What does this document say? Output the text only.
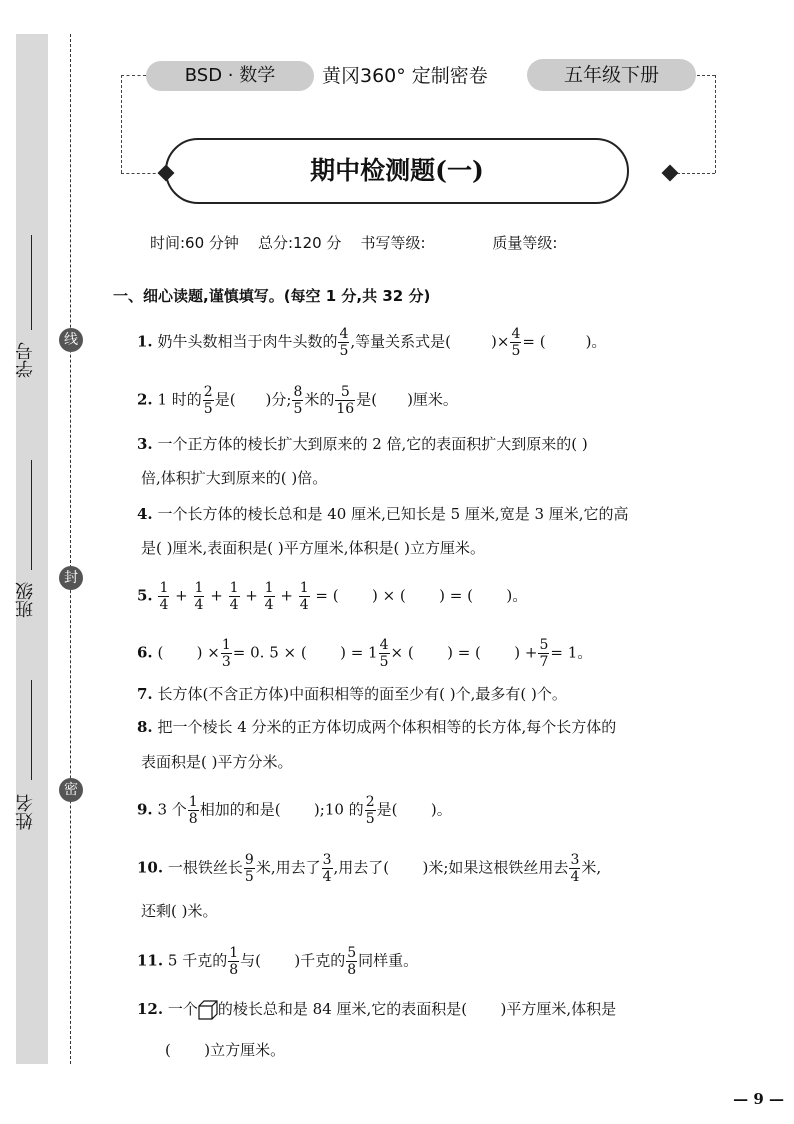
学号
班级
姓名
线
封
密
BSD · 数学	黄冈360° 定制密卷	五年级下册
期中检测题(一)
时间:60 分钟    总分:120 分    书写等级:              质量等级:
一、细心读题,谨慎填写。(每空 1 分,共 32 分)
1. 奶牛头数相当于肉牛头数的 $\frac{4}{5}$ ,等量关系式是(	)× $\frac{4}{5}$ = (	)。
2. 1 时的 $\frac{2}{5}$ 是( )分; $\frac{8}{5}$ 米的 $\frac{5}{16}$ 是( )厘米。
3. 一个正方体的棱长扩大到原来的 2 倍,它的表面积扩大到原来的( )
倍,体积扩大到原来的( )倍。
4. 一个长方体的棱长总和是 40 厘米,已知长是 5 厘米,宽是 3 厘米,它的高
是( )厘米,表面积是( )平方厘米,体积是( )立方厘米。
5. $\frac{1}{4} + \frac{1}{4} + \frac{1}{4} + \frac{1}{4} + \frac{1}{4}$ = (       ) × (       ) = (       )。
6. (       ) × $\frac{1}{3} = 0$. 5 × (       ) = $1 \frac{4}{5}$ × (       ) = (       ) + $\frac{5}{7} = 1$。
7. 长方体(不含正方体)中面积相等的面至少有( )个,最多有( )个。
8. 把一个棱长 4 分米的正方体切成两个体积相等的长方体,每个长方体的
表面积是( )平方分米。
9. 3 个 $\frac{1}{8}$ 相加的和是(       );10 的 $\frac{2}{5}$ 是(       )。
10. 一根铁丝长 $\frac{9}{5}$ 米,用去了 $\frac{3}{4}$ ,用去了(       )米;如果这根铁丝用去 $\frac{3}{4}$ 米,
还剩( )米。
11. 5 千克的 $\frac{1}{8}$ 与(       )千克的 $\frac{5}{8}$ 同样重。
12. 一个 的棱长总和是 84 厘米,它的表面积是(       )平方厘米,体积是
(       )立方厘米。
— 9 —
